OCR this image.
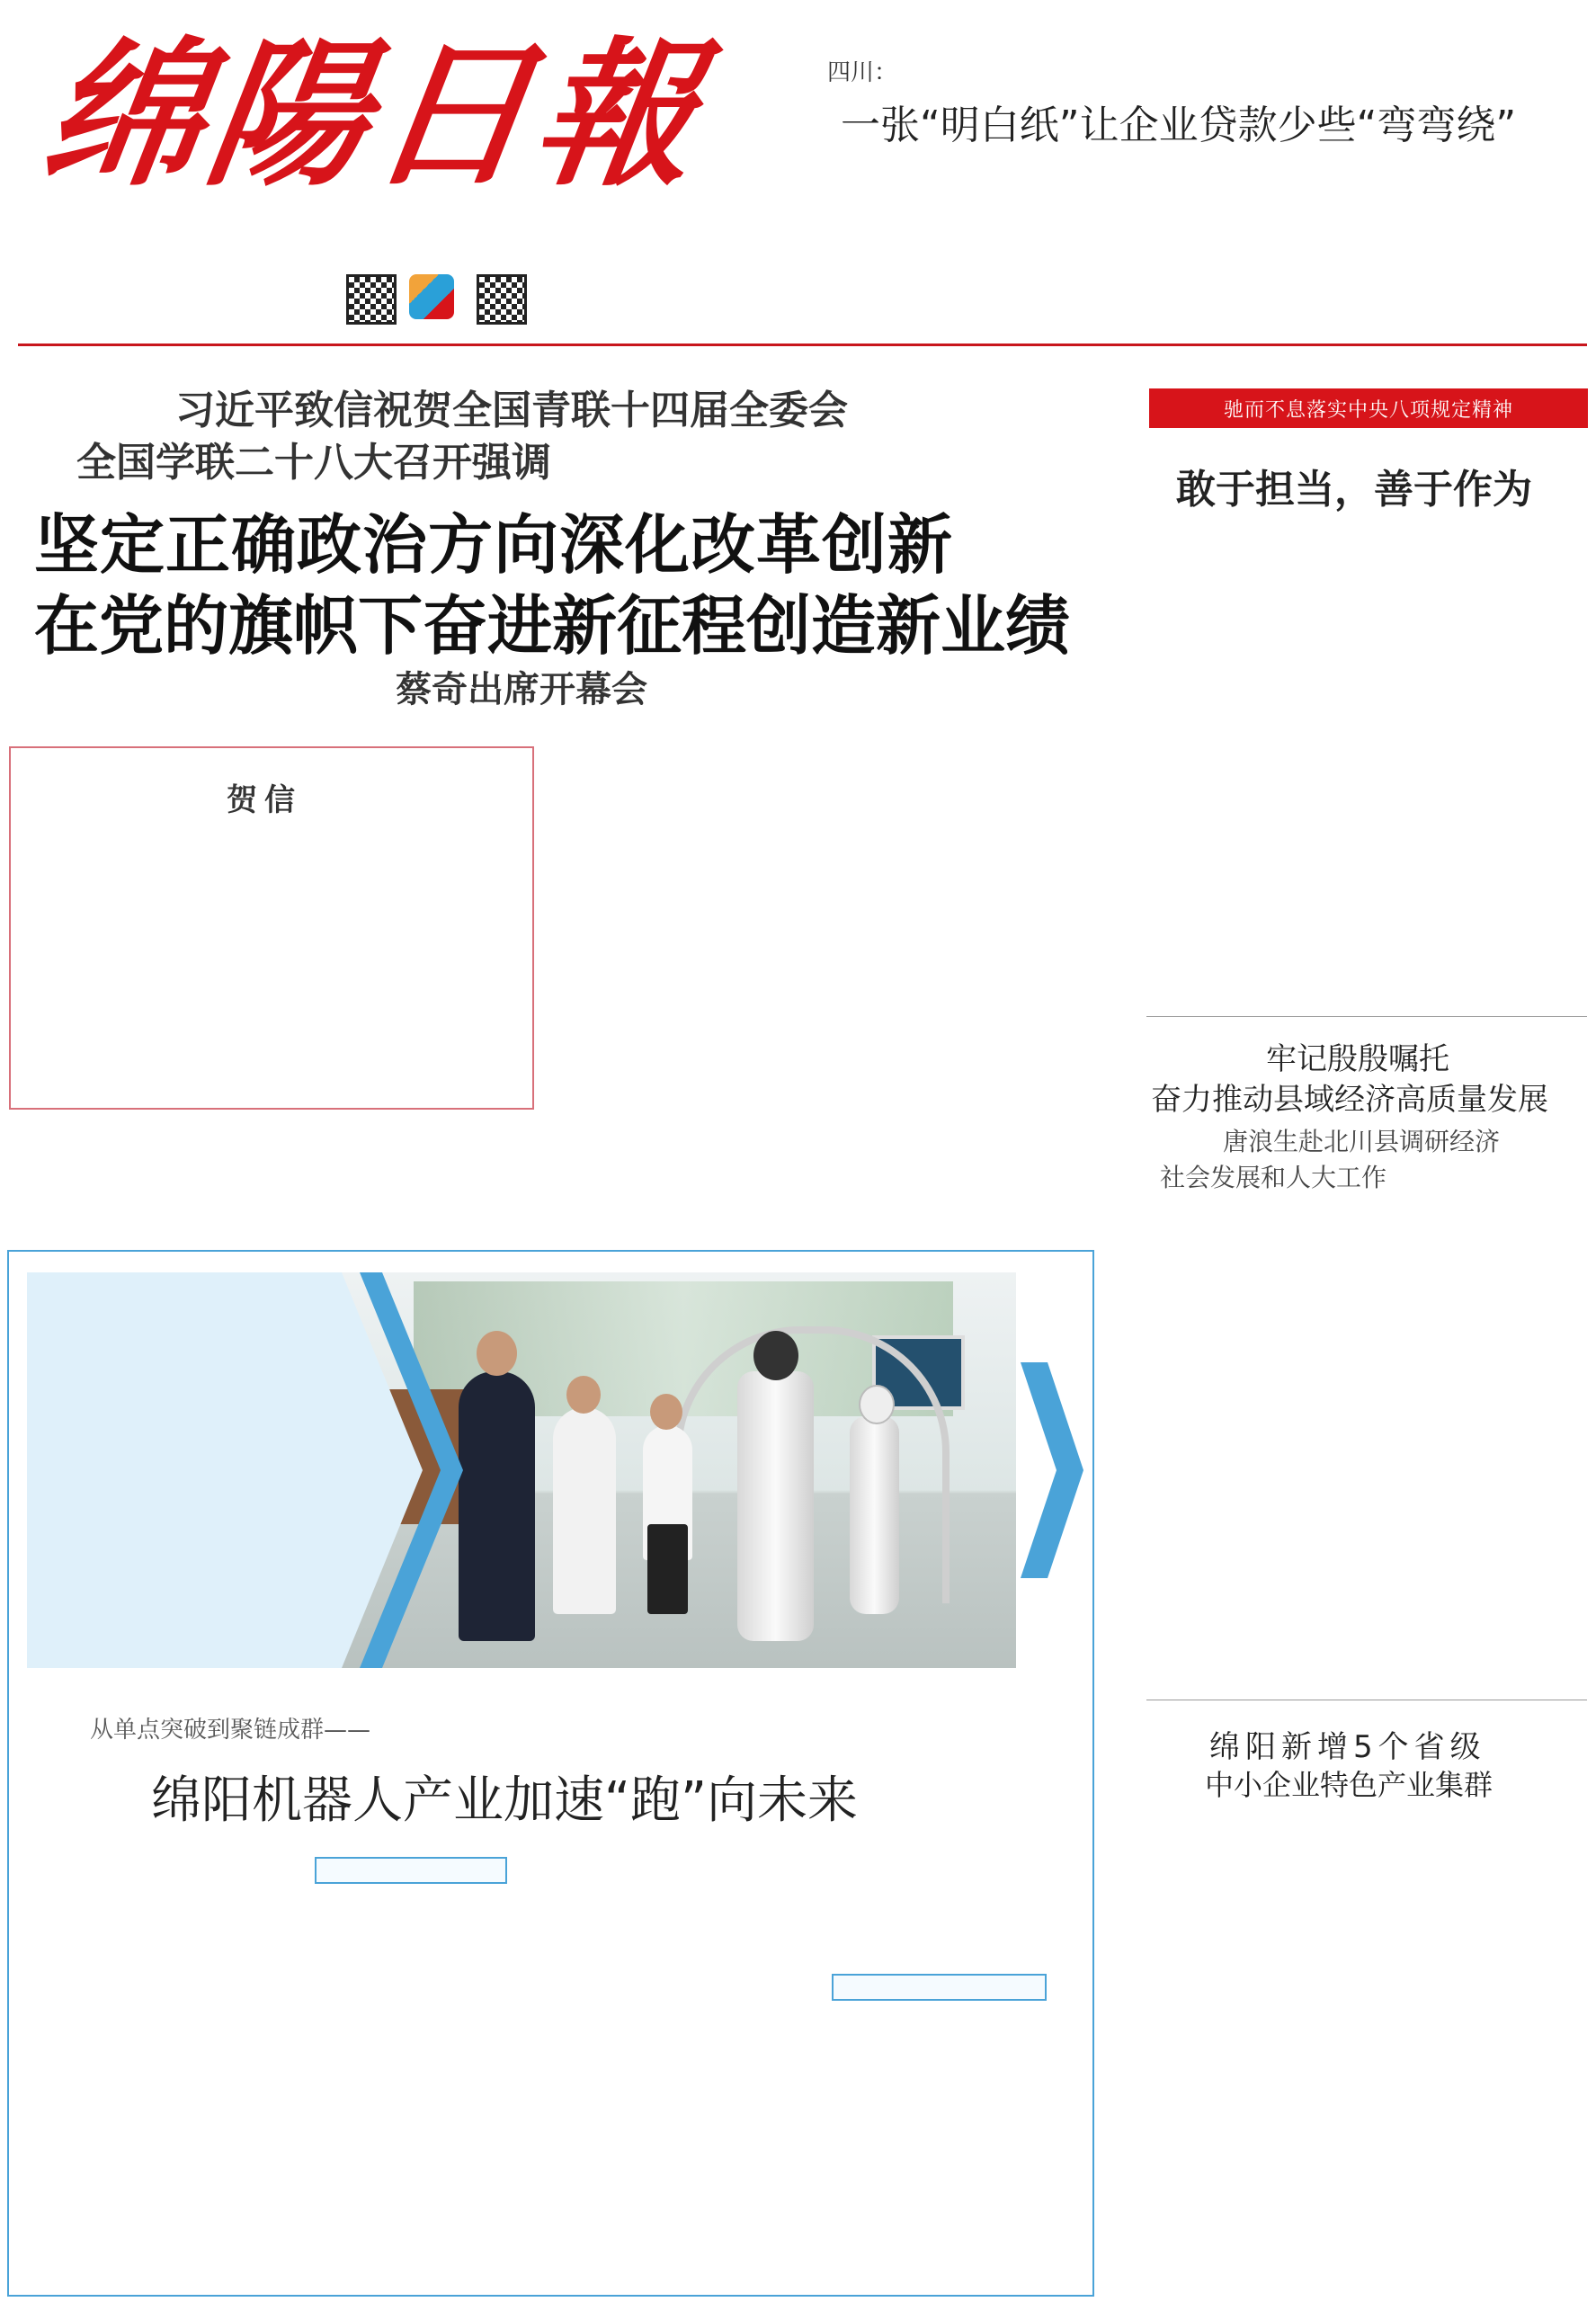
绵陽日報	四川：
一张“明白纸”让企业贷款少些“弯弯绕”
习近平致信祝贺全国青联十四届全委会
全国学联二十八大召开强调
坚定正确政治方向深化改革创新
在党的旗帜下奋进新征程创造新业绩
蔡奇出席开幕会
贺信
驰而不息落实中央八项规定精神
敢于担当，善于作为
牢记殷殷嘱托
奋力推动县域经济高质量发展
唐浪生赴北川县调研经济
社会发展和人大工作
绵阳新增5个省级
中小企业特色产业集群
从单点突破到聚链成群——
绵阳机器人产业加速“跑”向未来
